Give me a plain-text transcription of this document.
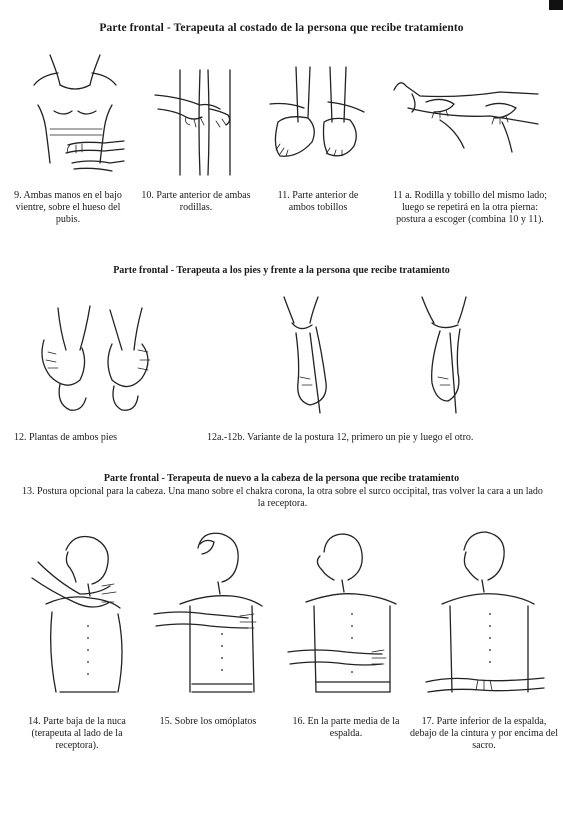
Parte frontal - Terapeuta al costado de la persona que recibe tratamiento
9. Ambas manos en el bajo vientre, sobre el hueso del pubis.
10. Parte anterior de ambas rodillas.
11. Parte anterior de ambos tobillos
11 a. Rodilla y tobillo del mismo lado; luego se repetirá en la otra pierna: postura a escoger (combina 10 y 11).
Parte frontal - Terapeuta a los pies y frente a la persona que recibe tratamiento
12. Plantas de ambos pies	12a.-12b. Variante de la postura 12, primero un pie y luego el otro.
Parte frontal - Terapeuta de nuevo a la cabeza de la persona que recibe tratamiento
13. Postura opcional para la cabeza. Una mano sobre el chakra corona, la otra sobre el surco occipital, tras volver la cara a un lado la receptora.
14. Parte baja de la nuca (terapeuta al lado de la receptora).
15. Sobre los omóplatos	16. En la parte media de la espalda.
17. Parte inferior de la espalda, debajo de la cintura y por encima del sacro.
